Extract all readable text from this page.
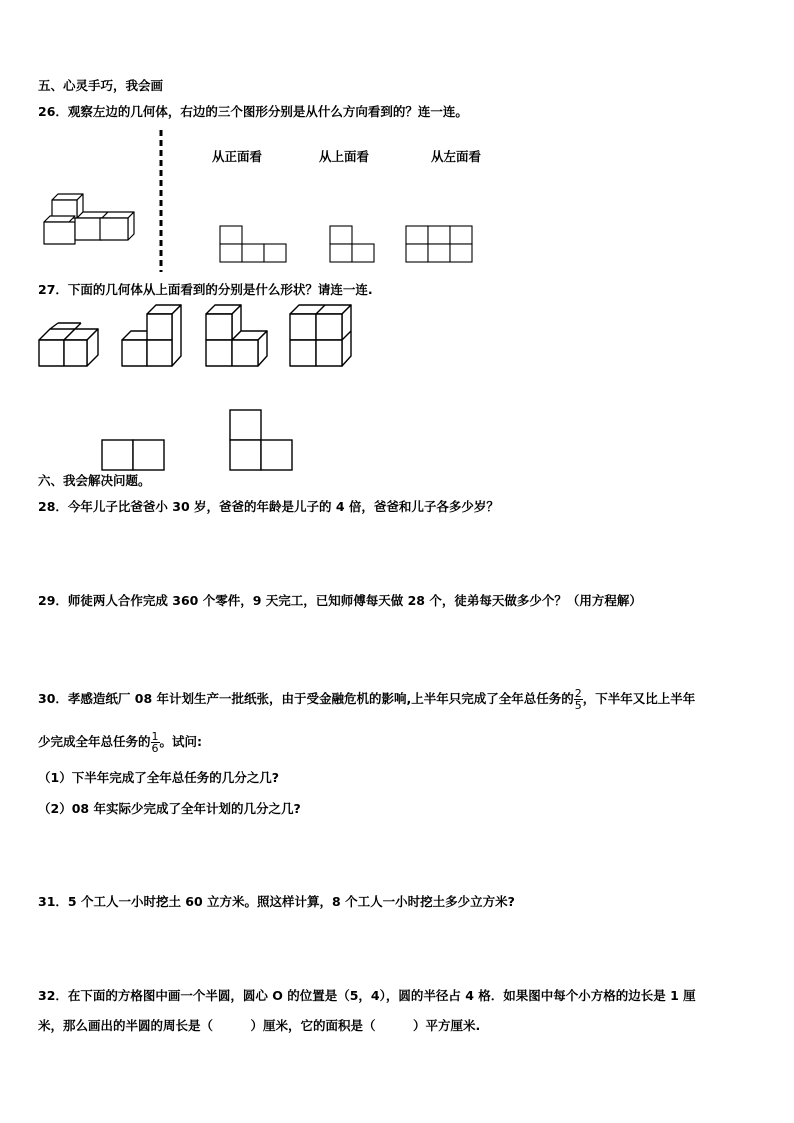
五、心灵手巧，我会画
26．观察左边的几何体，右边的三个图形分别是从什么方向看到的？连一连。
从正面看	从上面看	从左面看
27．下面的几何体从上面看到的分别是什么形状？请连一连.
六、我会解决问题。
28．今年儿子比爸爸小 30 岁，爸爸的年龄是儿子的 4 倍，爸爸和儿子各多少岁？
29．师徒两人合作完成 360 个零件，9 天完工，已知师傅每天做 28 个，徒弟每天做多少个？（用方程解）
30．孝感造纸厂 08 年计划生产一批纸张，由于受金融危机的影响,上半年只完成了全年总任务的 $\frac{2}{5}$ ，下半年又比上半年
少完成全年总任务的 $\frac{1}{6}$ 。试问:
（1）下半年完成了全年总任务的几分之几?
（2）08 年实际少完成了全年计划的几分之几?
31．5 个工人一小时挖土 60 立方米。照这样计算，8 个工人一小时挖土多少立方米?
32．在下面的方格图中画一个半圆，圆心 O 的位置是（5，4），圆的半径占 4 格．如果图中每个小方格的边长是 1 厘
米，那么画出的半圆的周长是（　　　）厘米，它的面积是（　　　）平方厘米.
